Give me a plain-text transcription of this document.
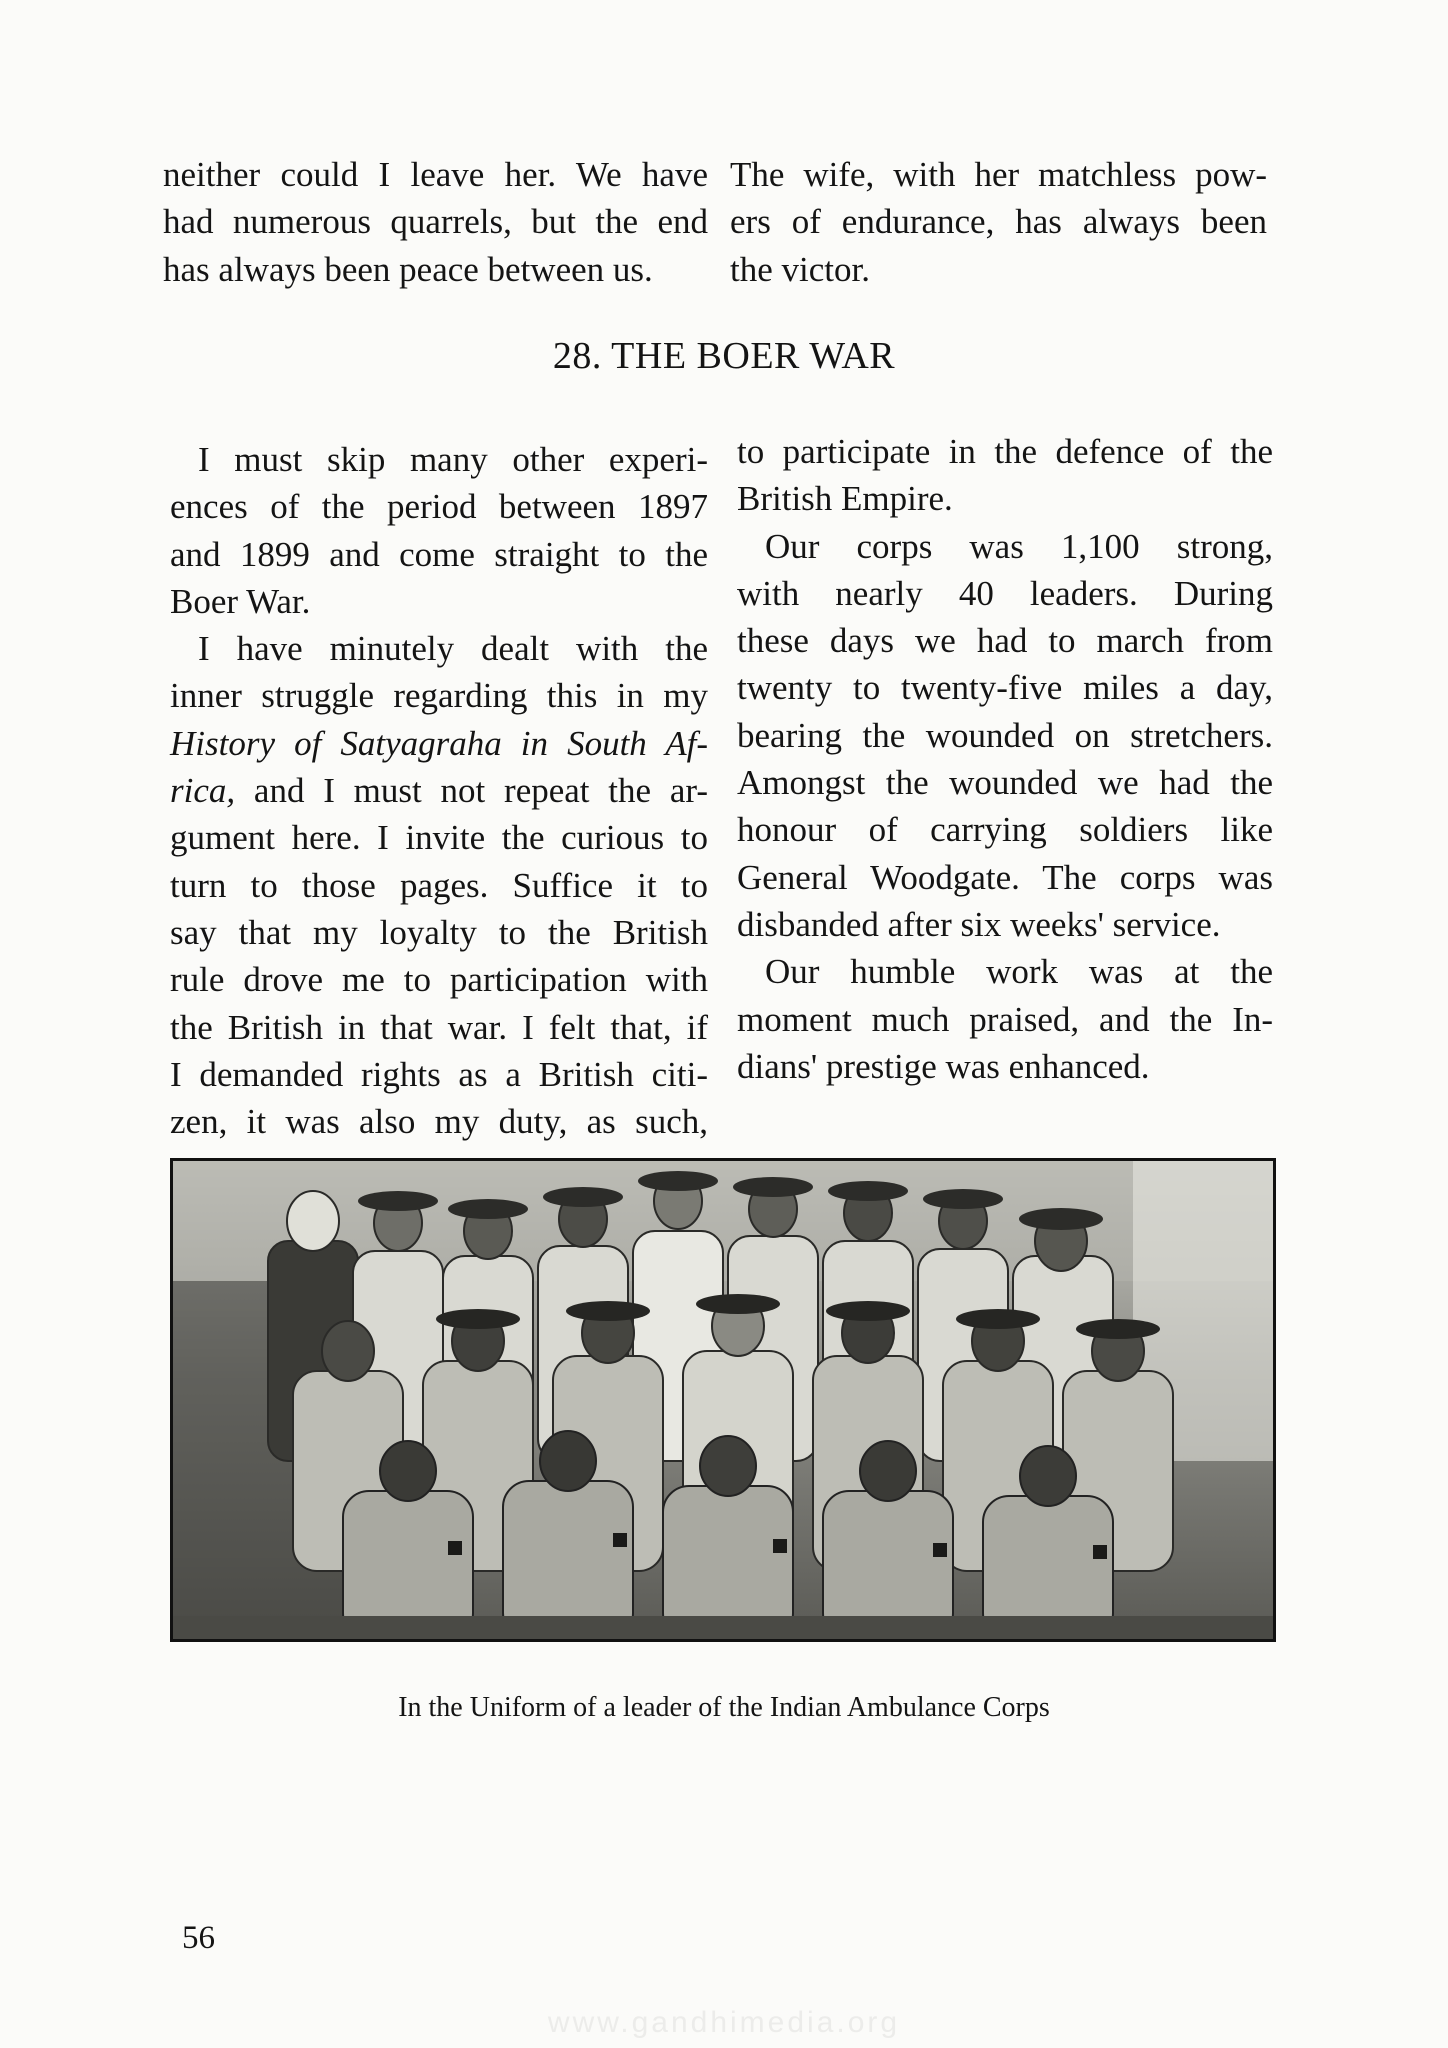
neither could I leave her. We have
had numerous quarrels, but the end
has always been peace between us.
The wife, with her matchless pow-
ers of endurance, has always been
the victor.
28. THE BOER WAR
I must skip many other experi-
ences of the period between 1897
and 1899 and come straight to the
Boer War.
I have minutely dealt with the
inner struggle regarding this in my
History of Satyagraha in South Af-
rica, and I must not repeat the ar-
gument here. I invite the curious to
turn to those pages. Suffice it to
say that my loyalty to the British
rule drove me to participation with
the British in that war. I felt that, if
I demanded rights as a British citi-
zen, it was also my duty, as such,
to participate in the defence of the
British Empire.
Our corps was 1,100 strong,
with nearly 40 leaders. During
these days we had to march from
twenty to twenty-five miles a day,
bearing the wounded on stretchers.
Amongst the wounded we had the
honour of carrying soldiers like
General Woodgate. The corps was
disbanded after six weeks' service.
Our humble work was at the
moment much praised, and the In-
dians' prestige was enhanced.
In the Uniform of a leader of the Indian Ambulance Corps
56
www.gandhimedia.org
